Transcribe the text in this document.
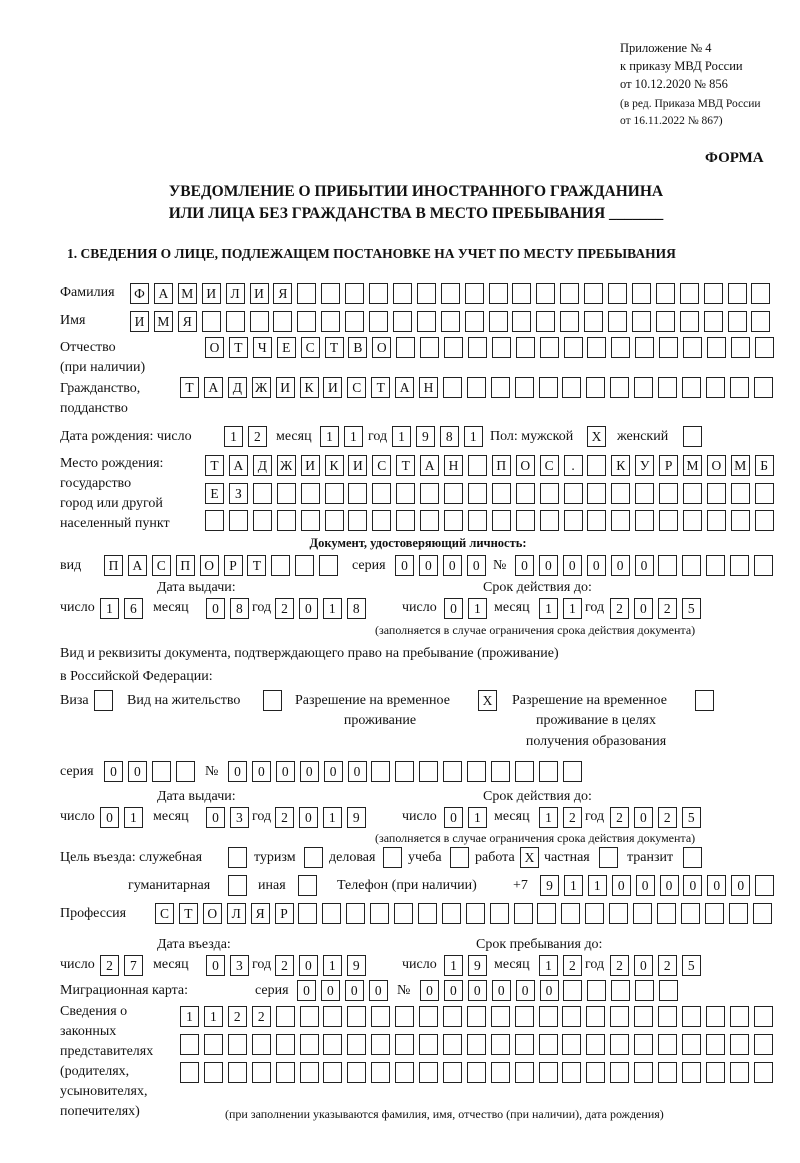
Приложение № 4
к приказу МВД России
от 10.12.2020 № 856
(в ред. Приказа МВД России
от 16.11.2022 № 867)
ФОРМА
УВЕДОМЛЕНИЕ О ПРИБЫТИИ ИНОСТРАННОГО ГРАЖДАНИНА
ИЛИ ЛИЦА БЕЗ ГРАЖДАНСТВА В МЕСТО ПРЕБЫВАНИЯ _______
1. СВЕДЕНИЯ О ЛИЦЕ, ПОДЛЕЖАЩЕМ ПОСТАНОВКЕ НА УЧЕТ ПО МЕСТУ ПРЕБЫВАНИЯ
Фамилия	Ф	А М И	Л	И	Я
Имя	И М Я
Отчество
(при наличии)
О	Т	Ч	Е	С	Т	В	О
Гражданство,
подданство
Т	А	Д Ж И	К	И	С	Т	А	Н
Дата рождения: число	1	2	месяц	1	1 год 1	9	8	1 Пол: мужской	X	женский
Место рождения:
государство
город или другой
населенный пункт
Т	А	Д Ж И	К	И	С	Т	А	Н	П	О	С	.	К	У	Р	М О М	Б
Е	З
Документ, удостоверяющий личность:
вид	П	А	С	П	О	Р	Т	серия	0	0	0	0 №	0	0	0	0	0	0
Дата выдачи:	Срок действия до:
число 1	6	месяц	0	8 год 2	0	1	8	число 0	1 месяц	1	1 год 2	0	2	5
(заполняется в случае ограничения срока действия документа)
Вид и реквизиты документа, подтверждающего право на пребывание (проживание)
в Российской Федерации:
Виза	Вид на жительство	Разрешение на временное
проживание
X	Разрешение на временное
проживание в целях
получения образования
серия	0	0	№	0	0	0	0	0	0
Дата выдачи:	Срок действия до:
число 0	1	месяц	0	3 год 2	0	1	9	число 0	1 месяц	1	2 год 2	0	2	5
(заполняется в случае ограничения срока действия документа)
Цель въезда: служебная	туризм деловая учеба работа X частная	транзит
гуманитарная	иная	Телефон (при наличии)	+7	9	1	1	0	0	0	0	0	0
Профессия	С	Т	О	Л	Я	Р
Дата въезда:	Срок пребывания до:
число 2	7	месяц	0	3 год 2	0	1	9	число 1	9 месяц	1	2 год 2	0	2	5
Миграционная карта:	серия	0	0	0	0	№	0	0	0	0	0	0
Сведения о
законных
представителях
(родителях,
усыновителях,
попечителях)
1	1	2	2
(при заполнении указываются фамилия, имя, отчество (при наличии), дата рождения)
